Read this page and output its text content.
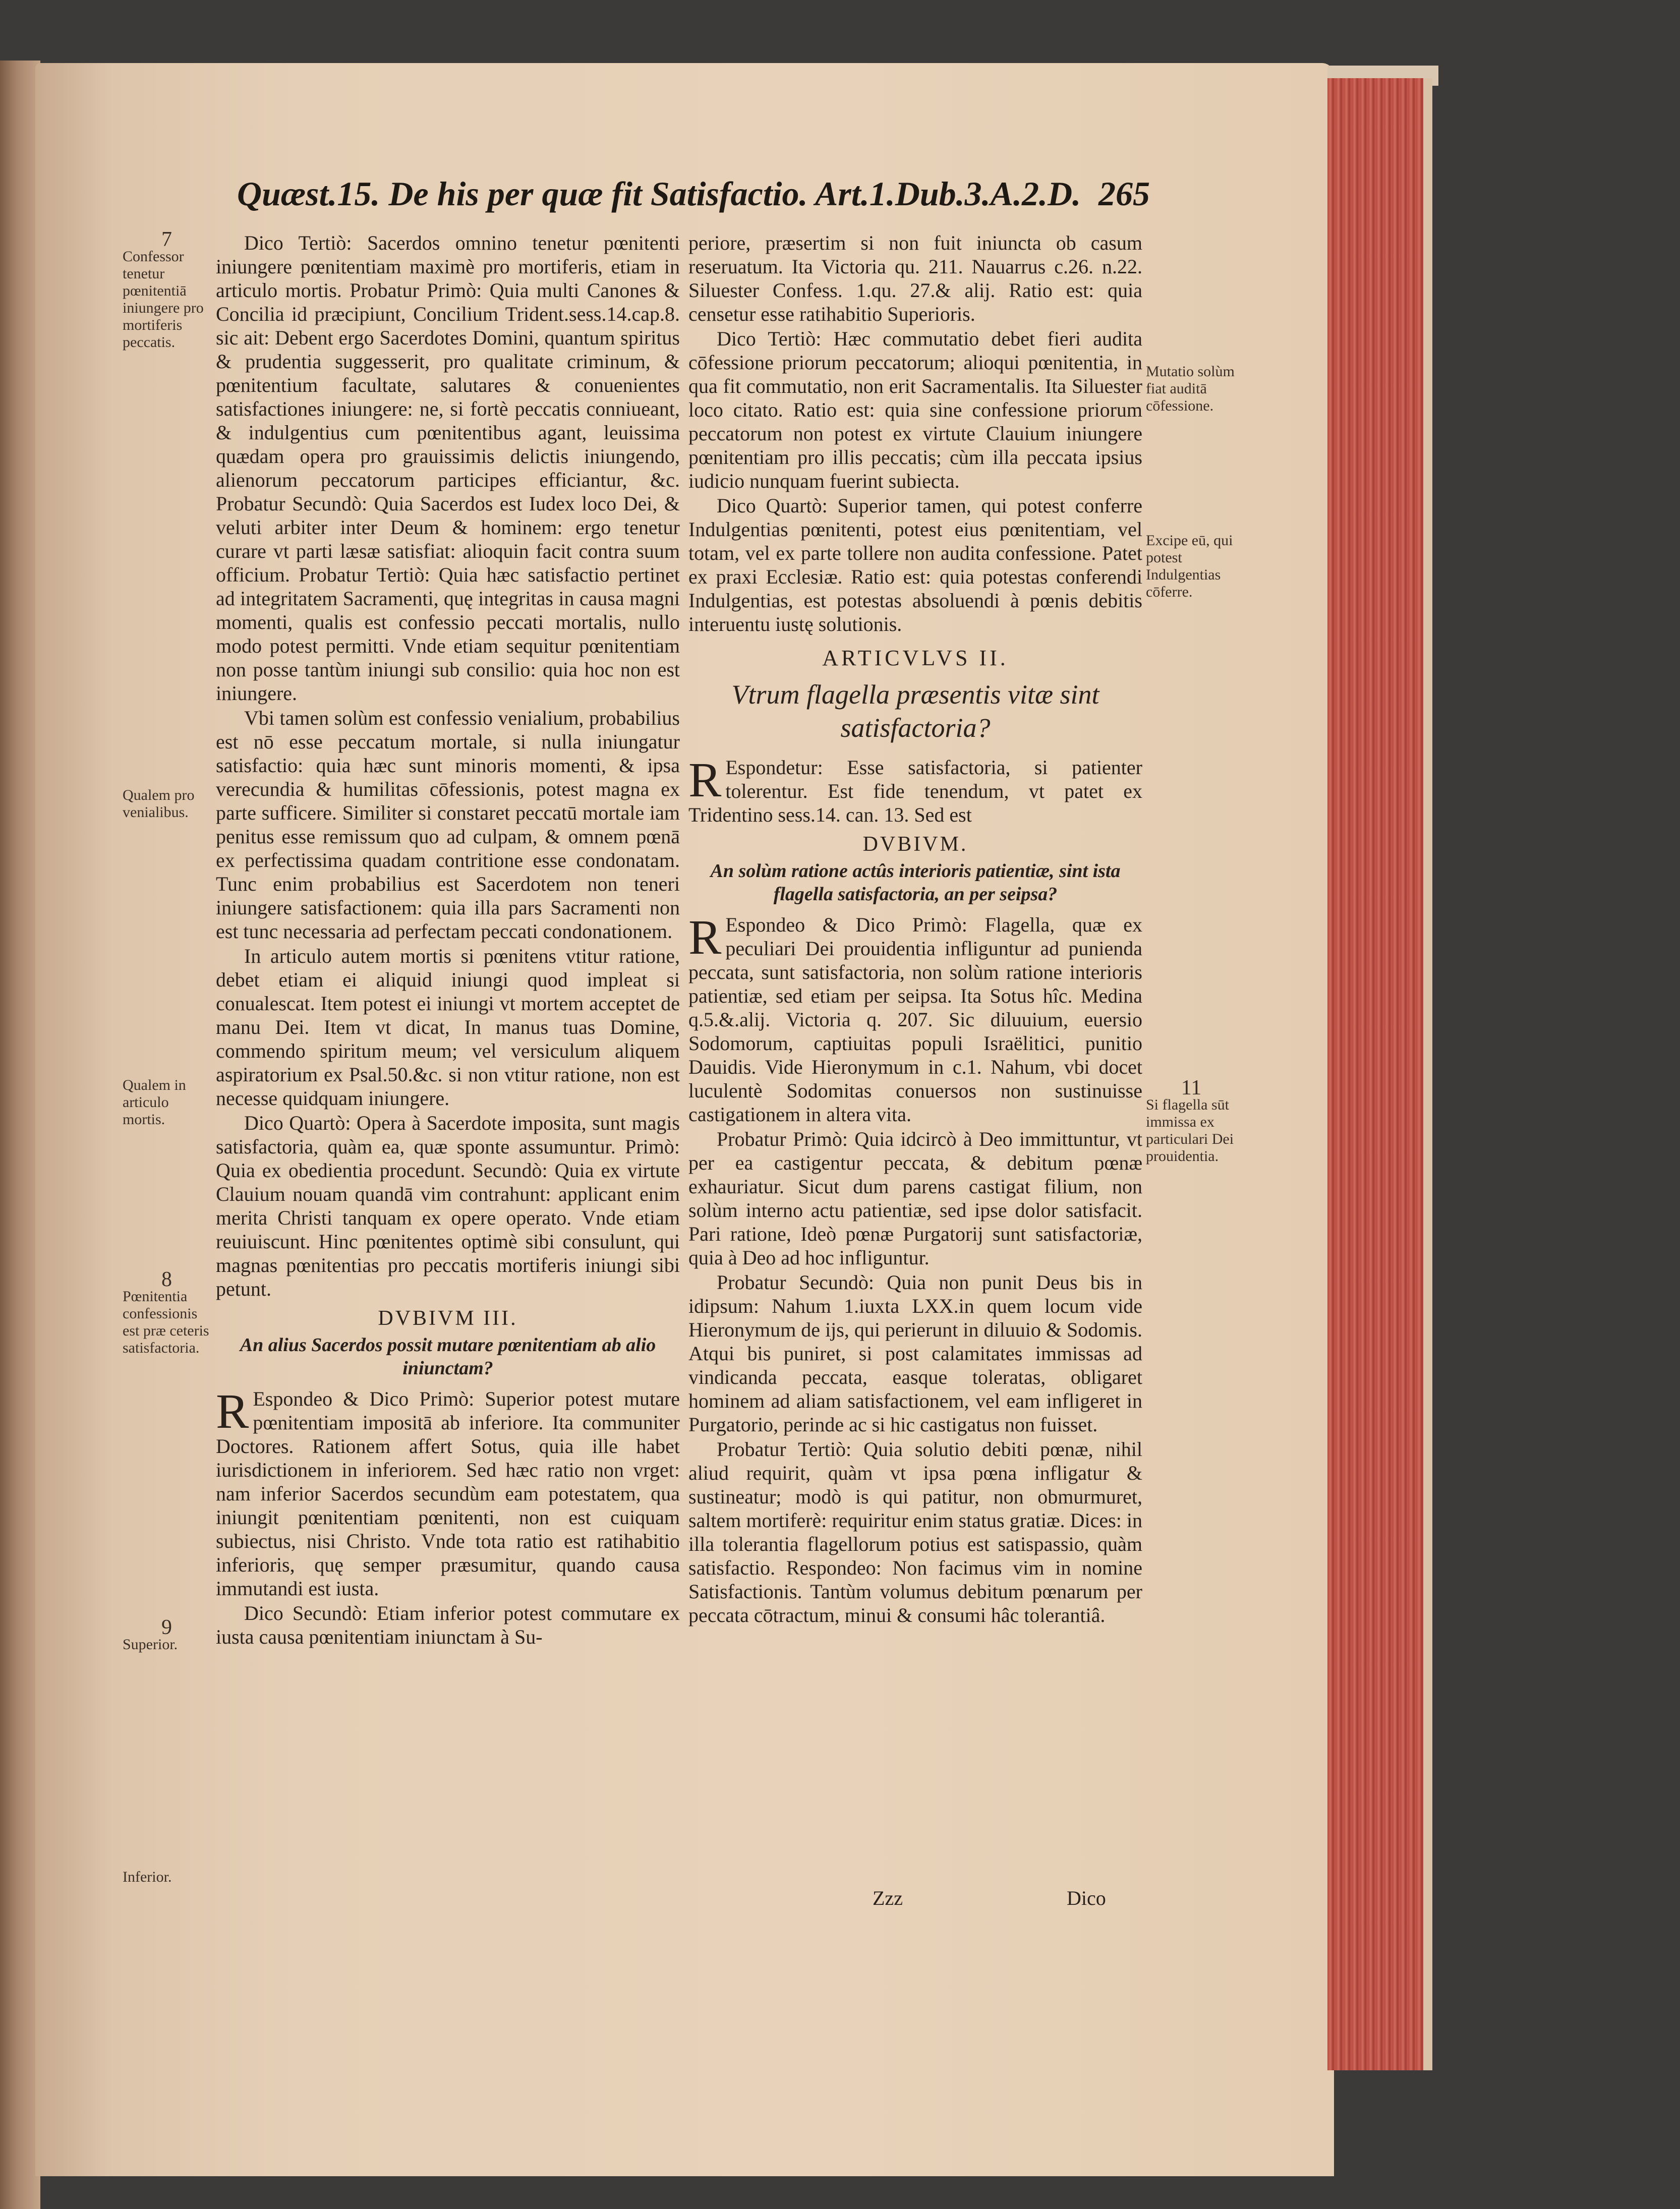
Quæst.15. De his per quæ fit Satisfactio. Art.1.Dub.3.A.2.D. 265
7
Confessor tenetur pœnitentiā iniungere pro mortiferis peccatis.
Qualem pro venialibus.
Qualem in articulo mortis.
8
Pœnitentia confessionis est præ ceteris satisfactoria.
9
Superior.
Inferior.
Mutatio solùm fiat auditā cōfessione.
Excipe eū, qui potest Indulgentias cōferre.
11
Si flagella sūt immissa ex particulari Dei prouidentia.

Dico Tertiò: Sacerdos omnino tenetur pœnitenti iniungere pœnitentiam maximè pro mortiferis, etiam in articulo mortis. Probatur Primò: Quia multi Canones & Concilia id præcipiunt, Concilium Trident.sess.14.cap.8. sic ait: Debent ergo Sacerdotes Domini, quantum spiritus & prudentia suggesserit, pro qualitate criminum, & pœnitentium facultate, salutares & conuenientes satisfactiones iniungere: ne, si fortè peccatis conniueant, & indulgentius cum pœnitentibus agant, leuissima quædam opera pro grauissimis delictis iniungendo, alienorum peccatorum participes efficiantur, &c. Probatur Secundò: Quia Sacerdos est Iudex loco Dei, & veluti arbiter inter Deum & hominem: ergo tenetur curare vt parti læsæ satisfiat: alioquin facit contra suum officium. Probatur Tertiò: Quia hæc satisfactio pertinet ad integritatem Sacramenti, quę integritas in causa magni momenti, qualis est confessio peccati mortalis, nullo modo potest permitti. Vnde etiam sequitur pœnitentiam non posse tantùm iniungi sub consilio: quia hoc non est iniungere.

Vbi tamen solùm est confessio venialium, probabilius est nō esse peccatum mortale, si nulla iniungatur satisfactio: quia hæc sunt minoris momenti, & ipsa verecundia & humilitas cōfessionis, potest magna ex parte sufficere. Similiter si constaret peccatū mortale iam penitus esse remissum quo ad culpam, & omnem pœnā ex perfectissima quadam contritione esse condonatam. Tunc enim probabilius est Sacerdotem non teneri iniungere satisfactionem: quia illa pars Sacramenti non est tunc necessaria ad perfectam peccati condonationem.

In articulo autem mortis si pœnitens vtitur ratione, debet etiam ei aliquid iniungi quod impleat si conualescat. Item potest ei iniungi vt mortem acceptet de manu Dei. Item vt dicat, In manus tuas Domine, commendo spiritum meum; vel versiculum aliquem aspiratorium ex Psal.50.&c. si non vtitur ratione, non est necesse quidquam iniungere.

Dico Quartò: Opera à Sacerdote imposita, sunt magis satisfactoria, quàm ea, quæ sponte assumuntur. Primò: Quia ex obedientia procedunt. Secundò: Quia ex virtute Clauium nouam quandā vim contrahunt: applicant enim merita Christi tanquam ex opere operato. Vnde etiam reuiuiscunt. Hinc pœnitentes optimè sibi consulunt, qui magnas pœnitentias pro peccatis mortiferis iniungi sibi petunt.

DVBIVM III.
An alius Sacerdos possit mutare pœnitentiam ab alio iniunctam?

R Espondeo & Dico Primò: Superior potest mutare pœnitentiam impositā ab inferiore. Ita communiter Doctores. Rationem affert Sotus, quia ille habet iurisdictionem in inferiorem. Sed hæc ratio non vrget: nam inferior Sacerdos secundùm eam potestatem, qua iniungit pœnitentiam pœnitenti, non est cuiquam subiectus, nisi Christo. Vnde tota ratio est ratihabitio inferioris, quę semper præsumitur, quando causa immutandi est iusta.

Dico Secundò: Etiam inferior potest commutare ex iusta causa pœnitentiam iniunctam à Su-

periore, præsertim si non fuit iniuncta ob casum reseruatum. Ita Victoria qu. 211. Nauarrus c.26. n.22. Siluester Confess. 1.qu. 27.& alij. Ratio est: quia censetur esse ratihabitio Superioris.

Dico Tertiò: Hæc commutatio debet fieri audita cōfessione priorum peccatorum; alioqui pœnitentia, in qua fit commutatio, non erit Sacramentalis. Ita Siluester loco citato. Ratio est: quia sine confessione priorum peccatorum non potest ex virtute Clauium iniungere pœnitentiam pro illis peccatis; cùm illa peccata ipsius iudicio nunquam fuerint subiecta.

Dico Quartò: Superior tamen, qui potest conferre Indulgentias pœnitenti, potest eius pœnitentiam, vel totam, vel ex parte tollere non audita confessione. Patet ex praxi Ecclesiæ. Ratio est: quia potestas conferendi Indulgentias, est potestas absoluendi à pœnis debitis interuentu iustę solutionis.

ARTICVLVS II.
Vtrum flagella præsentis vitæ sint satisfactoria?

R Espondetur: Esse satisfactoria, si patienter tolerentur. Est fide tenendum, vt patet ex Tridentino sess.14. can. 13. Sed est

DVBIVM.
An solùm ratione actûs interioris patientiæ, sint ista flagella satisfactoria, an per seipsa?

R Espondeo & Dico Primò: Flagella, quæ ex peculiari Dei prouidentia infliguntur ad punienda peccata, sunt satisfactoria, non solùm ratione interioris patientiæ, sed etiam per seipsa. Ita Sotus hîc. Medina q.5.&.alij. Victoria q. 207. Sic diluuium, euersio Sodomorum, captiuitas populi Israëlitici, punitio Dauidis. Vide Hieronymum in c.1. Nahum, vbi docet luculentè Sodomitas conuersos non sustinuisse castigationem in altera vita.

Probatur Primò: Quia idcircò à Deo immittuntur, vt per ea castigentur peccata, & debitum pœnæ exhauriatur. Sicut dum parens castigat filium, non solùm interno actu patientiæ, sed ipse dolor satisfacit. Pari ratione, Ideò pœnæ Purgatorij sunt satisfactoriæ, quia à Deo ad hoc infliguntur.

Probatur Secundò: Quia non punit Deus bis in idipsum: Nahum 1.iuxta LXX.in quem locum vide Hieronymum de ijs, qui perierunt in diluuio & Sodomis. Atqui bis puniret, si post calamitates immissas ad vindicanda peccata, easque toleratas, obligaret hominem ad aliam satisfactionem, vel eam infligeret in Purgatorio, perinde ac si hic castigatus non fuisset.

Probatur Tertiò: Quia solutio debiti pœnæ, nihil aliud requirit, quàm vt ipsa pœna infligatur & sustineatur; modò is qui patitur, non obmurmuret, saltem mortiferè: requiritur enim status gratiæ. Dices: in illa tolerantia flagellorum potius est satispassio, quàm satisfactio. Respondeo: Non facimus vim in nomine Satisfactionis. Tantùm volumus debitum pœnarum per peccata cōtractum, minui & consumi hâc tolerantiâ.

Zzz	Dico
